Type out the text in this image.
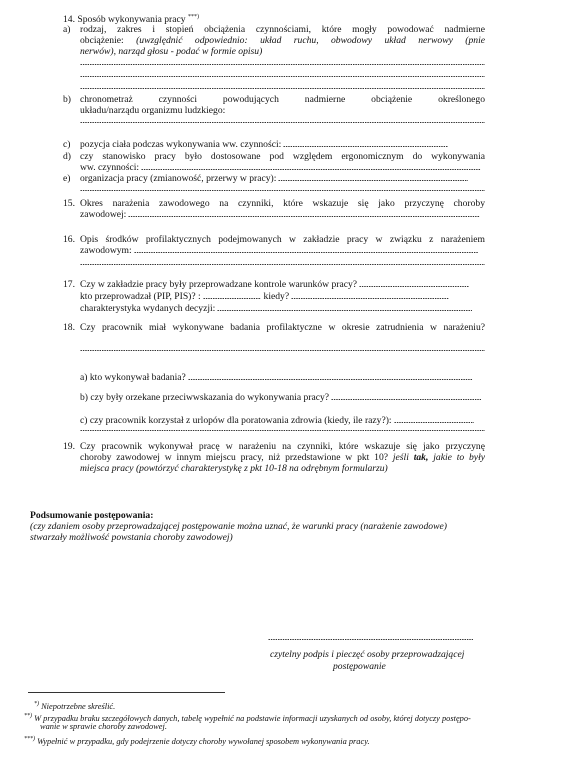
14. Sposób wykonywania pracy ***)
a) rodzaj, zakres i stopień obciążenia czynnościami, które mogły powodować nadmierne
obciążenie: (uwzględnić odpowiednio: układ ruchu, obwodowy układ nerwowy (pnie
nerwów), narząd głosu - podać w formie opisu)
b) chronometraż czynności powodujących nadmierne obciążenie określonego
układu/narządu organizmu ludzkiego:
c) pozycja ciała podczas wykonywania ww. czynności:
d) czy stanowisko pracy było dostosowane pod względem ergonomicznym do wykonywania
ww. czynności:
e) organizacja pracy (zmianowość, przerwy w pracy):
15. Okres narażenia zawodowego na czynniki, które wskazuje się jako przyczynę choroby
zawodowej:
16. Opis środków profilaktycznych podejmowanych w zakładzie pracy w związku z narażeniem
zawodowym:
17. Czy w zakładzie pracy były przeprowadzane kontrole warunków pracy?
kto przeprowadzał (PIP, PIS)? :	kiedy?
charakterystyka wydanych decyzji:
18. Czy pracownik miał wykonywane badania profilaktyczne w okresie zatrudnienia w narażeniu?
a) kto wykonywał badania?
b) czy były orzekane przeciwwskazania do wykonywania pracy?
c) czy pracownik korzystał z urlopów dla poratowania zdrowia (kiedy, ile razy?):
19. Czy pracownik wykonywał pracę w narażeniu na czynniki, które wskazuje się jako przyczynę
choroby zawodowej w innym miejscu pracy, niż przedstawione w pkt 10? jeśli tak, jakie to były
miejsca pracy (powtórzyć charakterystykę z pkt 10-18 na odrębnym formularzu)
Podsumowanie postępowania:
(czy zdaniem osoby przeprowadzającej postępowanie można uznać, że warunki pracy (narażenie zawodowe)
stwarzały możliwość powstania choroby zawodowej)
czytelny podpis i pieczęć osoby przeprowadzającej
postępowanie
*) Niepotrzebne skreślić.
**) W przypadku braku szczegółowych danych, tabelę wypełnić na podstawie informacji uzyskanych od osoby, której dotyczy postępo-
wanie w sprawie choroby zawodowej.
***) Wypełnić w przypadku, gdy podejrzenie dotyczy choroby wywołanej sposobem wykonywania pracy.
